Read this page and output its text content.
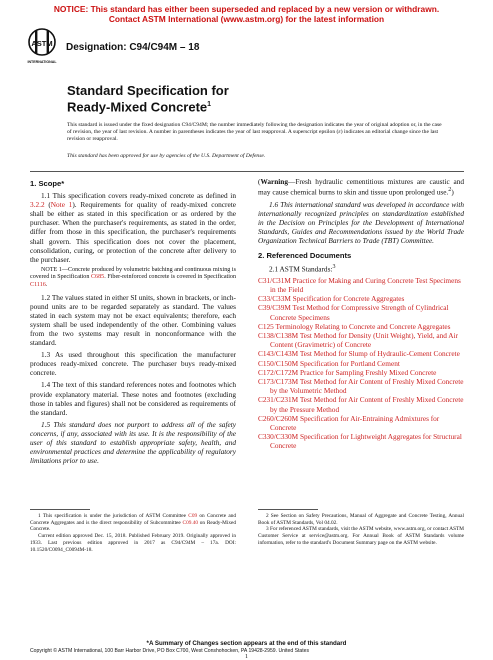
NOTICE: This standard has either been superseded and replaced by a new version or withdrawn.
Contact ASTM International (www.astm.org) for the latest information
ASTM
INTERNATIONAL
Designation: C94/C94M – 18
Standard Specification for
Ready-Mixed Concrete$^1$
This standard is issued under the fixed designation C94/C94M; the number immediately following the designation indicates the year of original adoption or, in the case of revision, the year of last revision. A number in parentheses indicates the year of last reapproval. A superscript epsilon (ε) indicates an editorial change since the last revision or reapproval.
This standard has been approved for use by agencies of the U.S. Department of Defense.

1. Scope*

1.1 This specification covers ready-mixed concrete as defined in 3.2.2 (Note 1). Requirements for quality of ready-mixed concrete shall be either as stated in this specification or as ordered by the purchaser. When the purchaser's requirements, as stated in the order, differ from those in this specification, the purchaser's requirements shall govern. This specification does not cover the placement, consolidation, curing, or protection of the concrete after delivery to the purchaser.

NOTE 1—Concrete produced by volumetric batching and continuous mixing is covered in Specification C685. Fiber-reinforced concrete is covered in Specification C1116.

1.2 The values stated in either SI units, shown in brackets, or inch-pound units are to be regarded separately as standard. The values stated in each system may not be exact equivalents; therefore, each system shall be used independently of the other. Combining values from the two systems may result in nonconformance with the standard.

1.3 As used throughout this specification the manufacturer produces ready-mixed concrete. The purchaser buys ready-mixed concrete.

1.4 The text of this standard references notes and footnotes which provide explanatory material. These notes and footnotes (excluding those in tables and figures) shall not be considered as requirements of the standard.

1.5 This standard does not purport to address all of the safety concerns, if any, associated with its use. It is the responsibility of the user of this standard to establish appropriate safety, health, and environmental practices and determine the applicability of regulatory limitations prior to use.

1 This specification is under the jurisdiction of ASTM Committee C09 on Concrete and Concrete Aggregates and is the direct responsibility of Subcommittee C09.40 on Ready-Mixed Concrete.
Current edition approved Dec. 15, 2018. Published February 2019. Originally approved in 1933. Last previous edition approved in 2017 as C94/C94M – 17a. DOI: 10.1520/C0094_C0094M-18.

(Warning—Fresh hydraulic cementitious mixtures are caustic and may cause chemical burns to skin and tissue upon prolonged use.$^2$)

1.6 This international standard was developed in accordance with internationally recognized principles on standardization established in the Decision on Principles for the Development of International Standards, Guides and Recommendations issued by the World Trade Organization Technical Barriers to Trade (TBT) Committee.

2. Referenced Documents

2.1 ASTM Standards:$^3$

C31/C31M Practice for Making and Curing Concrete Test Specimens in the Field
C33/C33M Specification for Concrete Aggregates
C39/C39M Test Method for Compressive Strength of Cylindrical Concrete Specimens
C125 Terminology Relating to Concrete and Concrete Aggregates
C138/C138M Test Method for Density (Unit Weight), Yield, and Air Content (Gravimetric) of Concrete
C143/C143M Test Method for Slump of Hydraulic-Cement Concrete
C150/C150M Specification for Portland Cement
C172/C172M Practice for Sampling Freshly Mixed Concrete
C173/C173M Test Method for Air Content of Freshly Mixed Concrete by the Volumetric Method
C231/C231M Test Method for Air Content of Freshly Mixed Concrete by the Pressure Method
C260/C260M Specification for Air-Entraining Admixtures for Concrete
C330/C330M Specification for Lightweight Aggregates for Structural Concrete
2 See Section on Safety Precautions, Manual of Aggregate and Concrete Testing, Annual Book of ASTM Standards, Vol 04.02.
3 For referenced ASTM standards, visit the ASTM website, www.astm.org, or contact ASTM Customer Service at service@astm.org. For Annual Book of ASTM Standards volume information, refer to the standard's Document Summary page on the ASTM website.
*A Summary of Changes section appears at the end of this standard
Copyright © ASTM International, 100 Barr Harbor Drive, PO Box C700, West Conshohocken, PA 19428-2959. United States
1
